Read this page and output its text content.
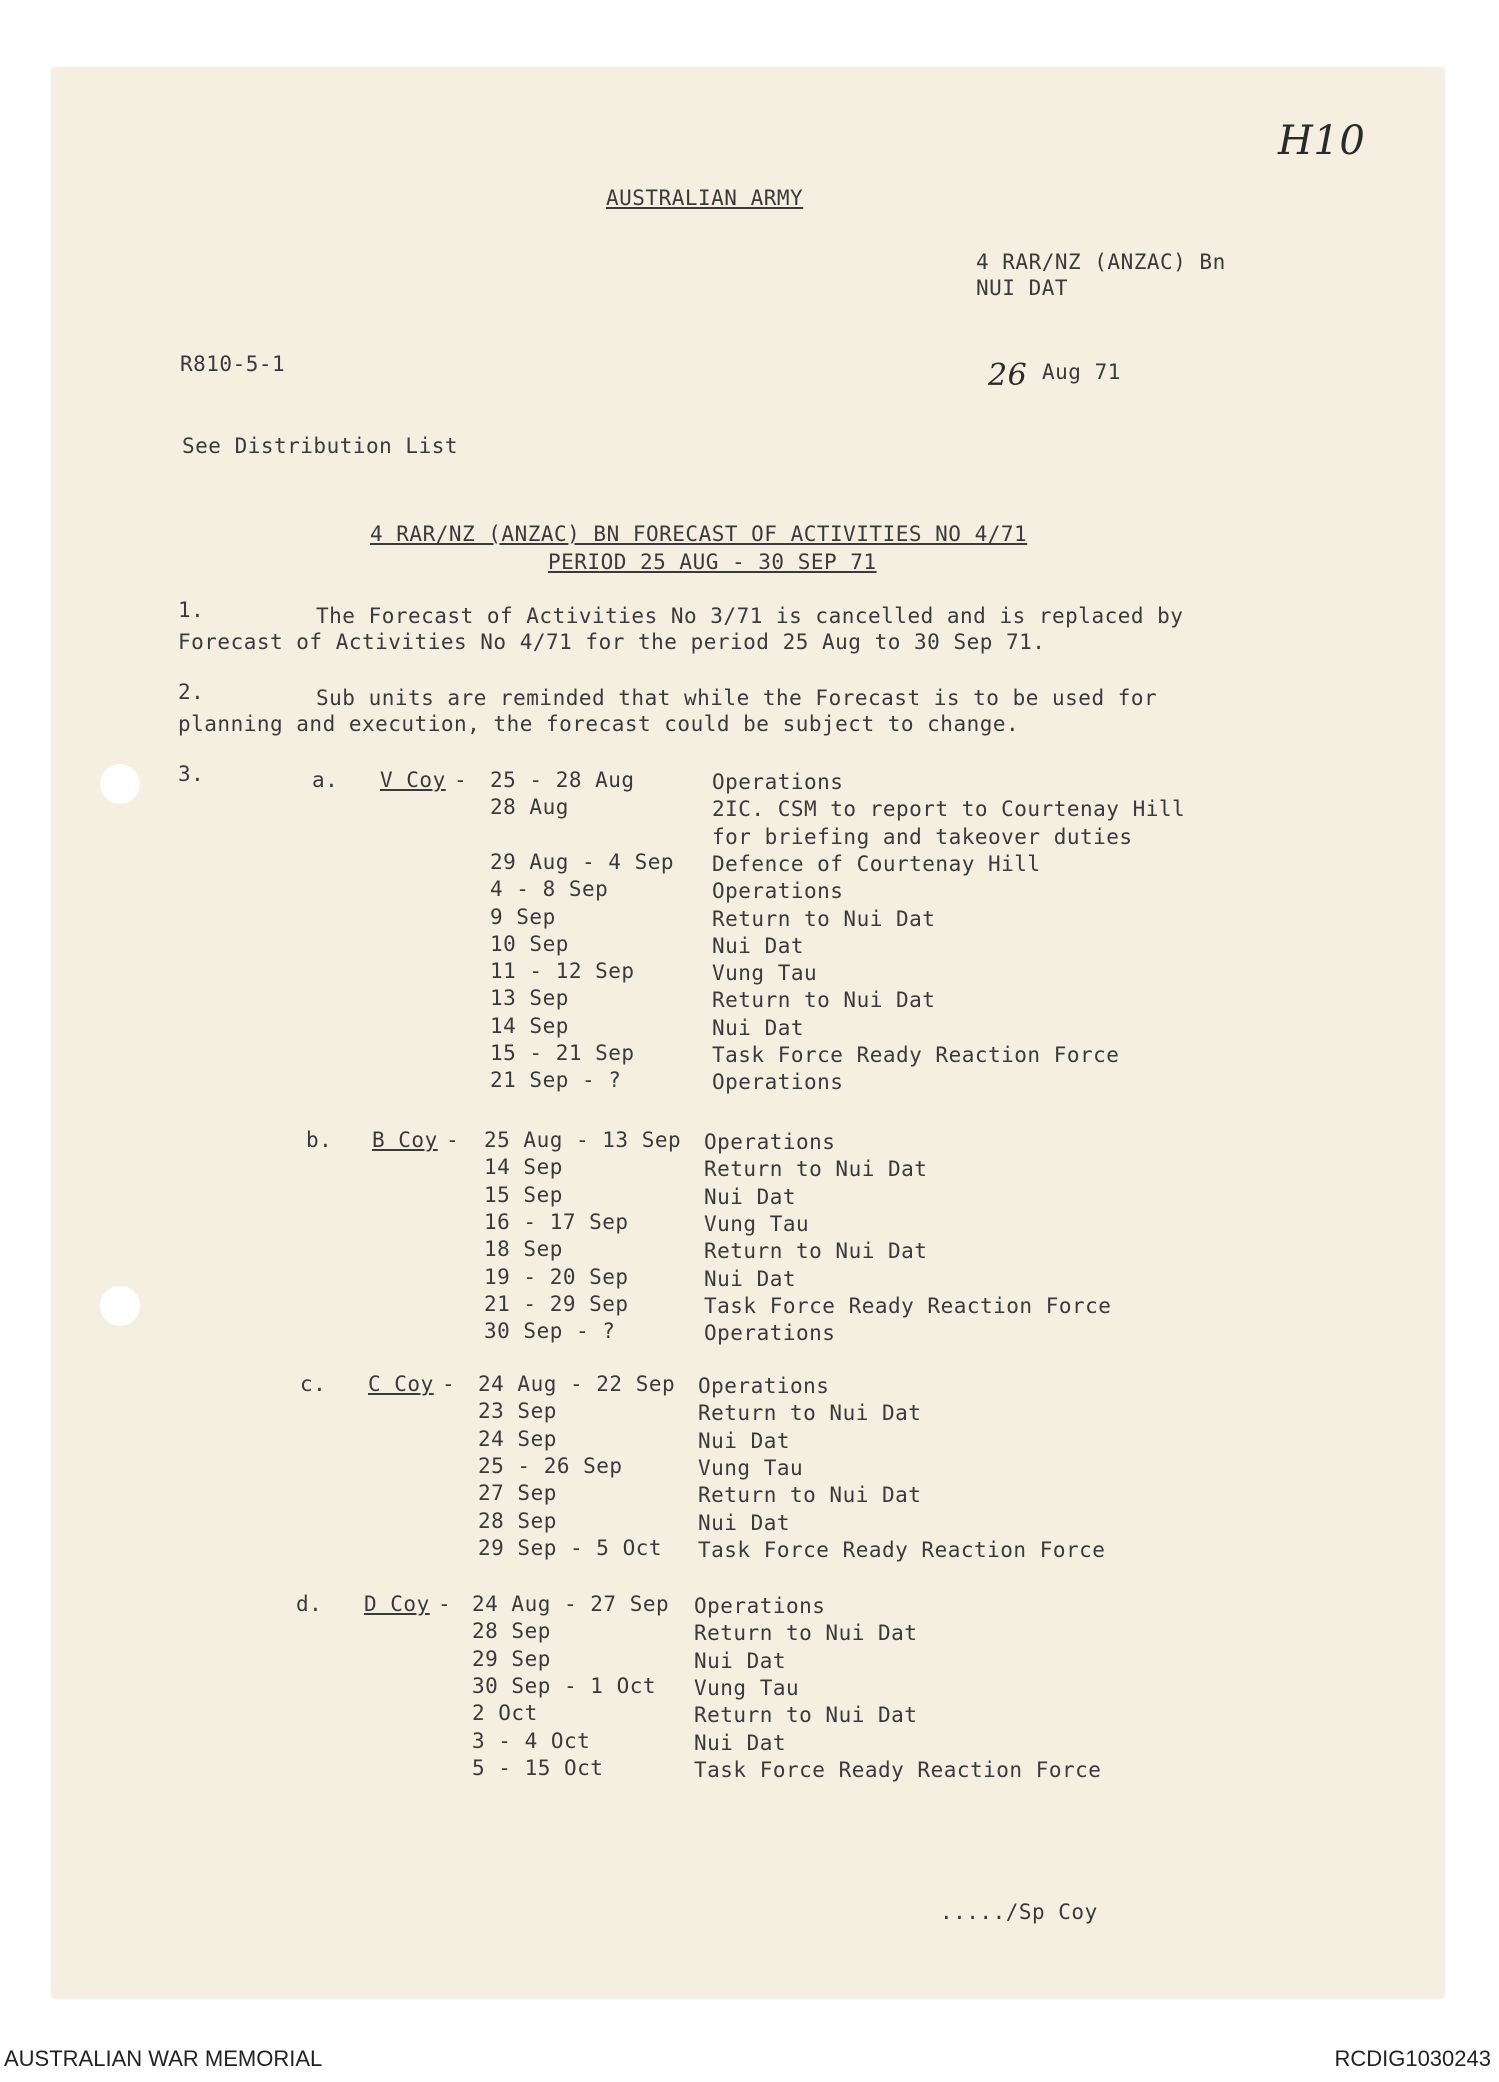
H10
AUSTRALIAN ARMY
4 RAR/NZ (ANZAC) Bn
NUI DAT
R810-5-1	26 Aug 71
See Distribution List
4 RAR/NZ (ANZAC) BN FORECAST OF ACTIVITIES NO 4/71
PERIOD 25 AUG - 30 SEP 71
1.	The Forecast of Activities No 3/71 is cancelled and is replaced by
Forecast of Activities No 4/71 for the period 25 Aug to 30 Sep 71.
2.	Sub units are reminded that while the Forecast is to be used for
planning and execution, the forecast could be subject to change.
3.	a. V Coy - 25 - 28 Aug	Operations
28 Aug	2IC. CSM to report to Courtenay Hill
for briefing and takeover duties
29 Aug - 4 Sep Defence of Courtenay Hill
4 - 8 Sep	Operations
9 Sep	Return to Nui Dat
10 Sep	Nui Dat
11 - 12 Sep	Vung Tau
13 Sep	Return to Nui Dat
14 Sep	Nui Dat
15 - 21 Sep	Task Force Ready Reaction Force
21 Sep - ?	Operations
b. B Coy - 25 Aug - 13 Sep Operations
14 Sep	Return to Nui Dat
15 Sep	Nui Dat
16 - 17 Sep	Vung Tau
18 Sep	Return to Nui Dat
19 - 20 Sep	Nui Dat
21 - 29 Sep	Task Force Ready Reaction Force
30 Sep - ?	Operations
c. C Coy - 24 Aug - 22 Sep Operations
23 Sep	Return to Nui Dat
24 Sep	Nui Dat
25 - 26 Sep	Vung Tau
27 Sep	Return to Nui Dat
28 Sep	Nui Dat
29 Sep - 5 Oct Task Force Ready Reaction Force
d. D Coy - 24 Aug - 27 Sep Operations
28 Sep	Return to Nui Dat
29 Sep	Nui Dat
30 Sep - 1 Oct Vung Tau
2 Oct	Return to Nui Dat
3 - 4 Oct	Nui Dat
5 - 15 Oct	Task Force Ready Reaction Force
...../Sp Coy
AUSTRALIAN WAR MEMORIAL	RCDIG1030243
